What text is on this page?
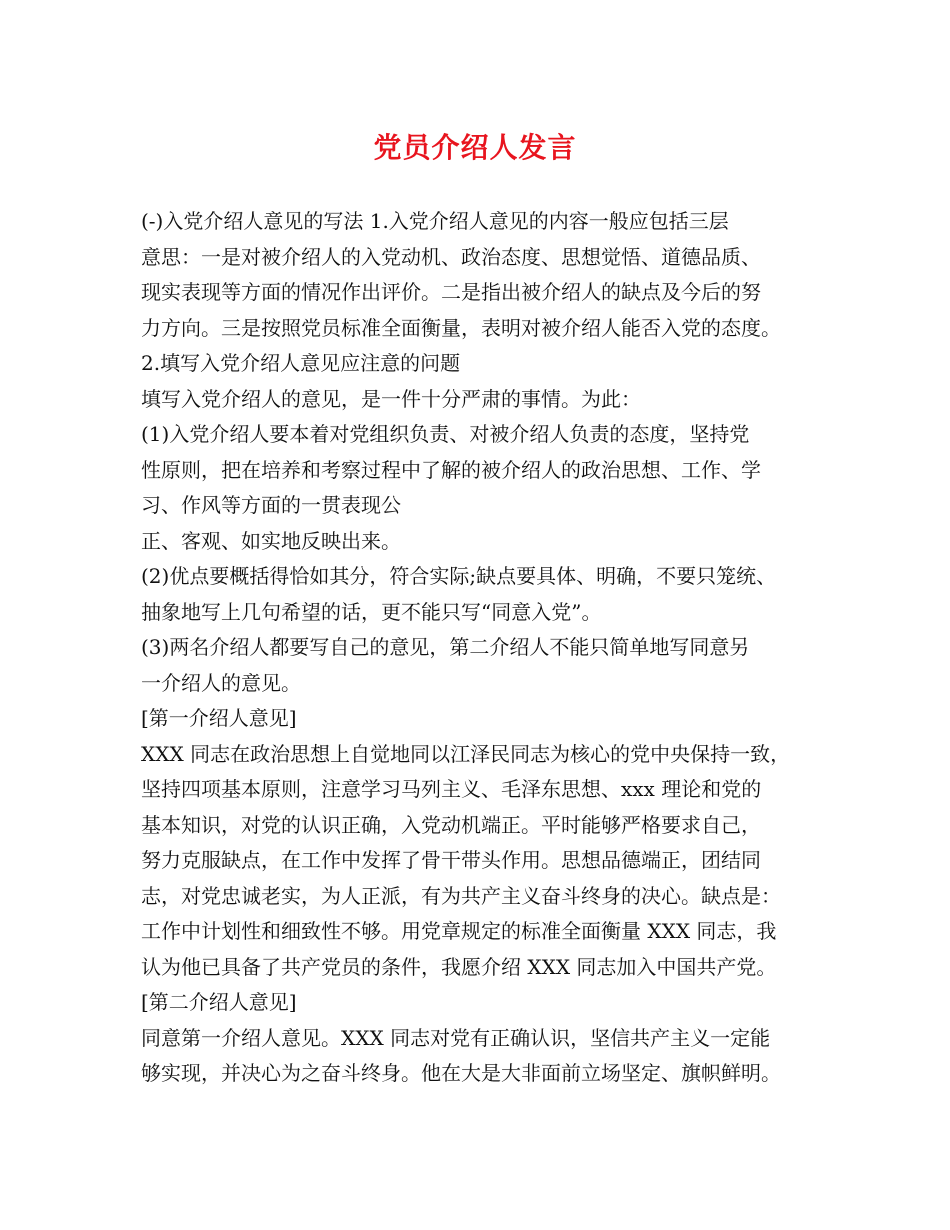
党员介绍人发言
(-)入党介绍人意见的写法 1.入党介绍人意见的内容一般应包括三层
意思：一是对被介绍人的入党动机、政治态度、思想觉悟、道德品质、
现实表现等方面的情况作出评价。二是指出被介绍人的缺点及今后的努
力方向。三是按照党员标准全面衡量，表明对被介绍人能否入党的态度。
2.填写入党介绍人意见应注意的问题
填写入党介绍人的意见，是一件十分严肃的事情。为此：
(1)入党介绍人要本着对党组织负责、对被介绍人负责的态度，坚持党
性原则，把在培养和考察过程中了解的被介绍人的政治思想、工作、学
习、作风等方面的一贯表现公
正、客观、如实地反映出来。
(2)优点要概括得恰如其分，符合实际;缺点要具体、明确，不要只笼统、
抽象地写上几句希望的话，更不能只写“同意入党”。
(3)两名介绍人都要写自己的意见，第二介绍人不能只简单地写同意另
一介绍人的意见。
[第一介绍人意见]
XXX 同志在政治思想上自觉地同以江泽民同志为核心的党中央保持一致，
坚持四项基本原则，注意学习马列主义、毛泽东思想、xxx 理论和党的
基本知识，对党的认识正确，入党动机端正。平时能够严格要求自己，
努力克服缺点，在工作中发挥了骨干带头作用。思想品德端正，团结同
志，对党忠诚老实，为人正派，有为共产主义奋斗终身的决心。缺点是：
工作中计划性和细致性不够。用党章规定的标准全面衡量 XXX 同志，我
认为他已具备了共产党员的条件，我愿介绍 XXX 同志加入中国共产党。
[第二介绍人意见]
同意第一介绍人意见。XXX 同志对党有正确认识，坚信共产主义一定能
够实现，并决心为之奋斗终身。他在大是大非面前立场坚定、旗帜鲜明。
